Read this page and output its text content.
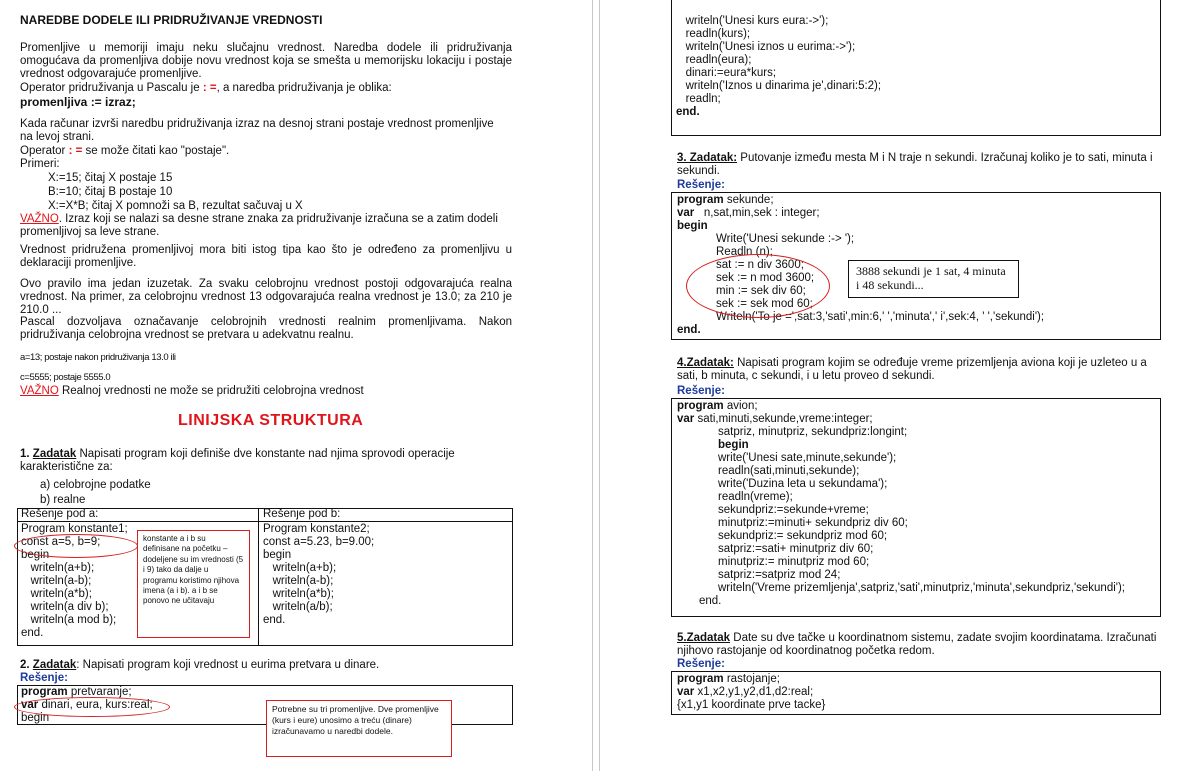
NAREDBE DODELE ILI PRIDRUŽIVANJE VREDNOSTI
Promenljive u memoriji imaju neku slučajnu vrednost. Naredba dodele ili pridruživanja omogućava da promenljiva dobije novu vrednost koja se smešta u memorijsku lokaciju i postaje vrednost odgovarajuće promenljive.
Operator pridruživanja u Pascalu je : =, a naredba pridruživanja je oblika:
promenljiva := izraz;
Kada računar izvrši naredbu pridruživanja izraz na desnoj strani postaje vrednost promenljive na levoj strani.
Operator : = se može čitati kao "postaje".
Primeri:
X:=15; čitaj X postaje 15
B:=10; čitaj B postaje 10
X:=X*B; čitaj X pomnoži sa B, rezultat sačuvaj u X
VAŽNO. Izraz koji se nalazi sa desne strane znaka za pridruživanje izračuna se a zatim dodeli promenljivoj sa leve strane.
Vrednost pridružena promenljivoj mora biti istog tipa kao što je određeno za promenljivu u deklaraciji promenljive.
Ovo pravilo ima jedan izuzetak. Za svaku celobrojnu vrednost postoji odgovarajuća realna vrednost. Na primer, za celobrojnu vrednost 13 odgovarajuća realna vrednost je 13.0; za 210 je 210.0 ...
Pascal dozvoljava označavanje celobrojnih vrednosti realnim promenljivama. Nakon pridruživanja celobrojna vrednost se pretvara u adekvatnu realnu.
a=13; postaje nakon pridruživanja 13.0 ili
c=5555; postaje 5555.0
VAŽNO Realnoj vrednosti ne može se pridružiti celobrojna vrednost
LINIJSKA STRUKTURA
1. Zadatak Napisati program koji definiše dve konstante nad njima sprovodi operacije karakteristične za:
a) celobrojne podatke
b) realne
Rešenje pod a:	Rešenje pod b:
Program konstante1;
const a=5, b=9;
begin
writeln(a+b);
writeln(a-b);
writeln(a*b);
writeln(a div b);
writeln(a mod b);
end.
Program konstante2;
const a=5.23, b=9.00;
begin
writeln(a+b);
writeln(a-b);
writeln(a*b);
writeln(a/b);
end.
konstante a i b su definisane na početku – dodeljene su im vrednosti (5 i 9) tako da dalje u programu koristimo njihova imena (a i b). a i b se ponovo ne učitavaju
2. Zadatak: Napisati program koji vrednost u eurima pretvara u dinare.
Rešenje:
program pretvaranje;
var dinari, eura, kurs:real;
begin
Potrebne su tri promenljive. Dve promenljive (kurs i eure) unosimo a treću (dinare) izračunavamo u naredbi dodele.
writeln('Unesi kurs eura:->');
readln(kurs);
writeln('Unesi iznos u eurima:->');
readln(eura);
dinari:=eura*kurs;
writeln('Iznos u dinarima je',dinari:5:2);
readln;
end.
3. Zadatak: Putovanje između mesta M i N traje n sekundi. Izračunaj koliko je to sati, minuta i sekundi.
Rešenje:
program sekunde;
var   n,sat,min,sek : integer;
begin
Write('Unesi sekunde :-> ');
Readln (n);
sat := n div 3600;
sek := n mod 3600;
min := sek div 60;
sek := sek mod 60;
Writeln('To je =',sat:3,'sati',min:6,' ','minuta',' i',sek:4, ' ','sekundi');
end.
3888 sekundi je 1 sat, 4 minuta i 48 sekundi...
4.Zadatak: Napisati program kojim se određuje vreme prizemljenja aviona koji je uzleteo u a sati, b minuta, c sekundi, i u letu proveo d sekundi.
Rešenje:
program avion;
var sati,minuti,sekunde,vreme:integer;
satpriz, minutpriz, sekundpriz:longint;
begin
write('Unesi sate,minute,sekunde');
readln(sati,minuti,sekunde);
write('Duzina leta u sekundama');
readln(vreme);
sekundpriz:=sekunde+vreme;
minutpriz:=minuti+ sekundpriz div 60;
sekundpriz:= sekundpriz mod 60;
satpriz:=sati+ minutpriz div 60;
minutpriz:= minutpriz mod 60;
satpriz:=satpriz mod 24;
writeln('Vreme prizemljenja',satpriz,'sati',minutpriz,'minuta',sekundpriz,'sekundi');
end.
5.Zadatak Date su dve tačke u koordinatnom sistemu, zadate svojim koordinatama. Izračunati njihovo rastojanje od koordinatnog početka redom.
Rešenje:
program rastojanje;
var x1,x2,y1,y2,d1,d2:real;
{x1,y1 koordinate prve tacke}
